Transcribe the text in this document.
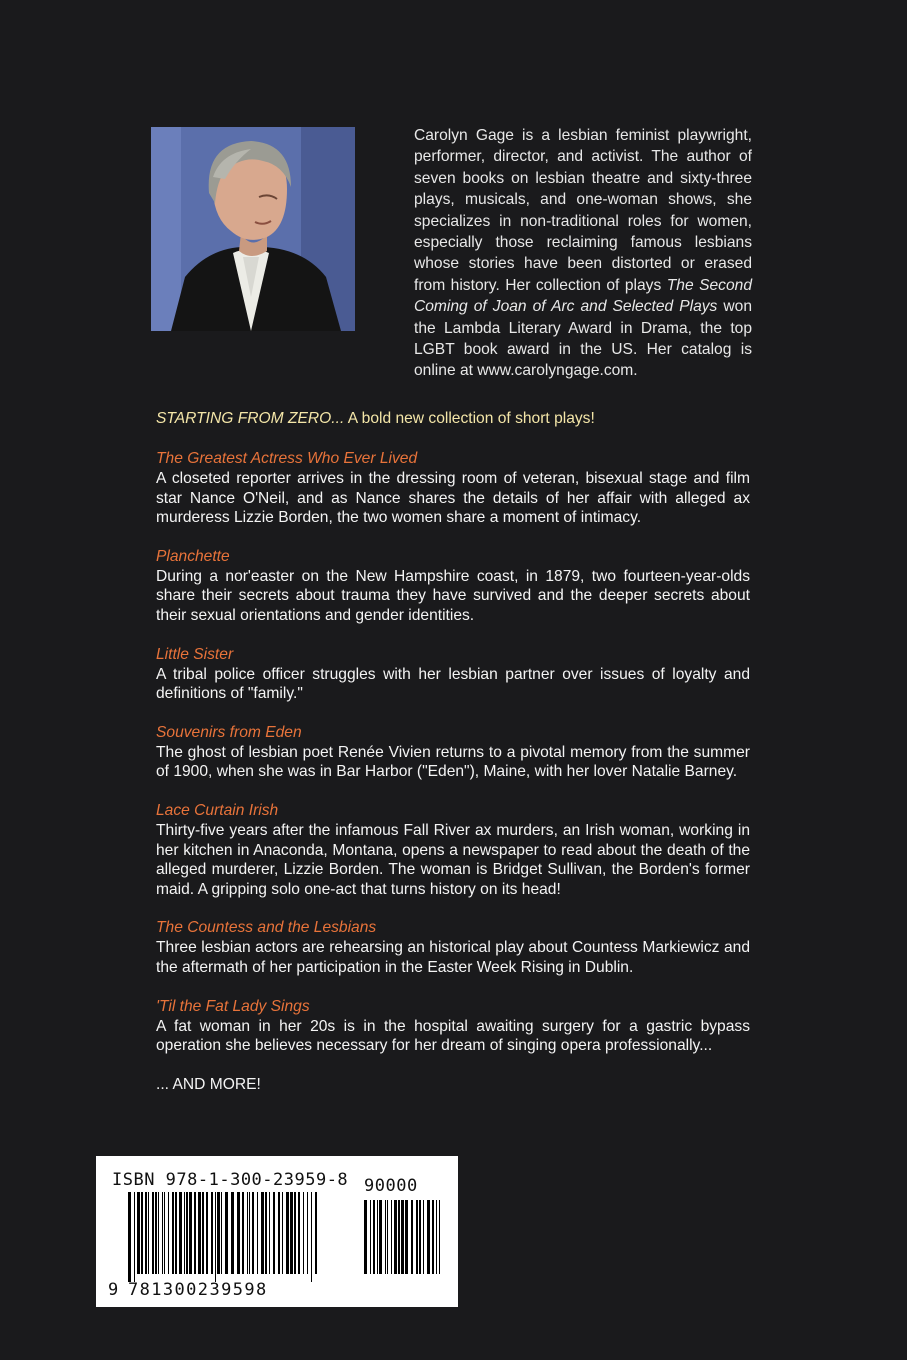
Carolyn Gage is a lesbian feminist playwright, performer, director, and activist. The author of seven books on lesbian theatre and sixty-three plays, musicals, and one-woman shows, she specializes in non-traditional roles for women, especially those reclaiming famous lesbians whose stories have been distorted or erased from history. Her collection of plays The Second Coming of Joan of Arc and Selected Plays won the Lambda Literary Award in Drama, the top LGBT book award in the US. Her catalog is online at www.carolyngage.com.

STARTING FROM ZERO... A bold new collection of short plays!

The Greatest Actress Who Ever Lived

A closeted reporter arrives in the dressing room of veteran, bisexual stage and film star Nance O'Neil, and as Nance shares the details of her affair with alleged ax murderess Lizzie Borden, the two women share a moment of intimacy.

Planchette

During a nor'easter on the New Hampshire coast, in 1879, two fourteen-year-olds share their secrets about trauma they have survived and the deeper secrets about their sexual orientations and gender identities.

Little Sister

A tribal police officer struggles with her lesbian partner over issues of loyalty and definitions of "family."

Souvenirs from Eden

The ghost of lesbian poet Renée Vivien returns to a pivotal memory from the summer of 1900, when she was in Bar Harbor ("Eden"), Maine, with her lover Natalie Barney.

Lace Curtain Irish

Thirty-five years after the infamous Fall River ax murders, an Irish woman, working in her kitchen in Anaconda, Montana, opens a newspaper to read about the death of the alleged murderer, Lizzie Borden. The woman is Bridget Sullivan, the Borden's former maid. A gripping solo one-act that turns history on its head!

The Countess and the Lesbians

Three lesbian actors are rehearsing an historical play about Countess Markiewicz and the aftermath of her participation in the Easter Week Rising in Dublin.

'Til the Fat Lady Sings

A fat woman in her 20s is in the hospital awaiting surgery for a gastric bypass operation she believes necessary for her dream of singing opera professionally...

... AND MORE!

ISBN 978-1-300-23959-8 90000

9 781300239598
